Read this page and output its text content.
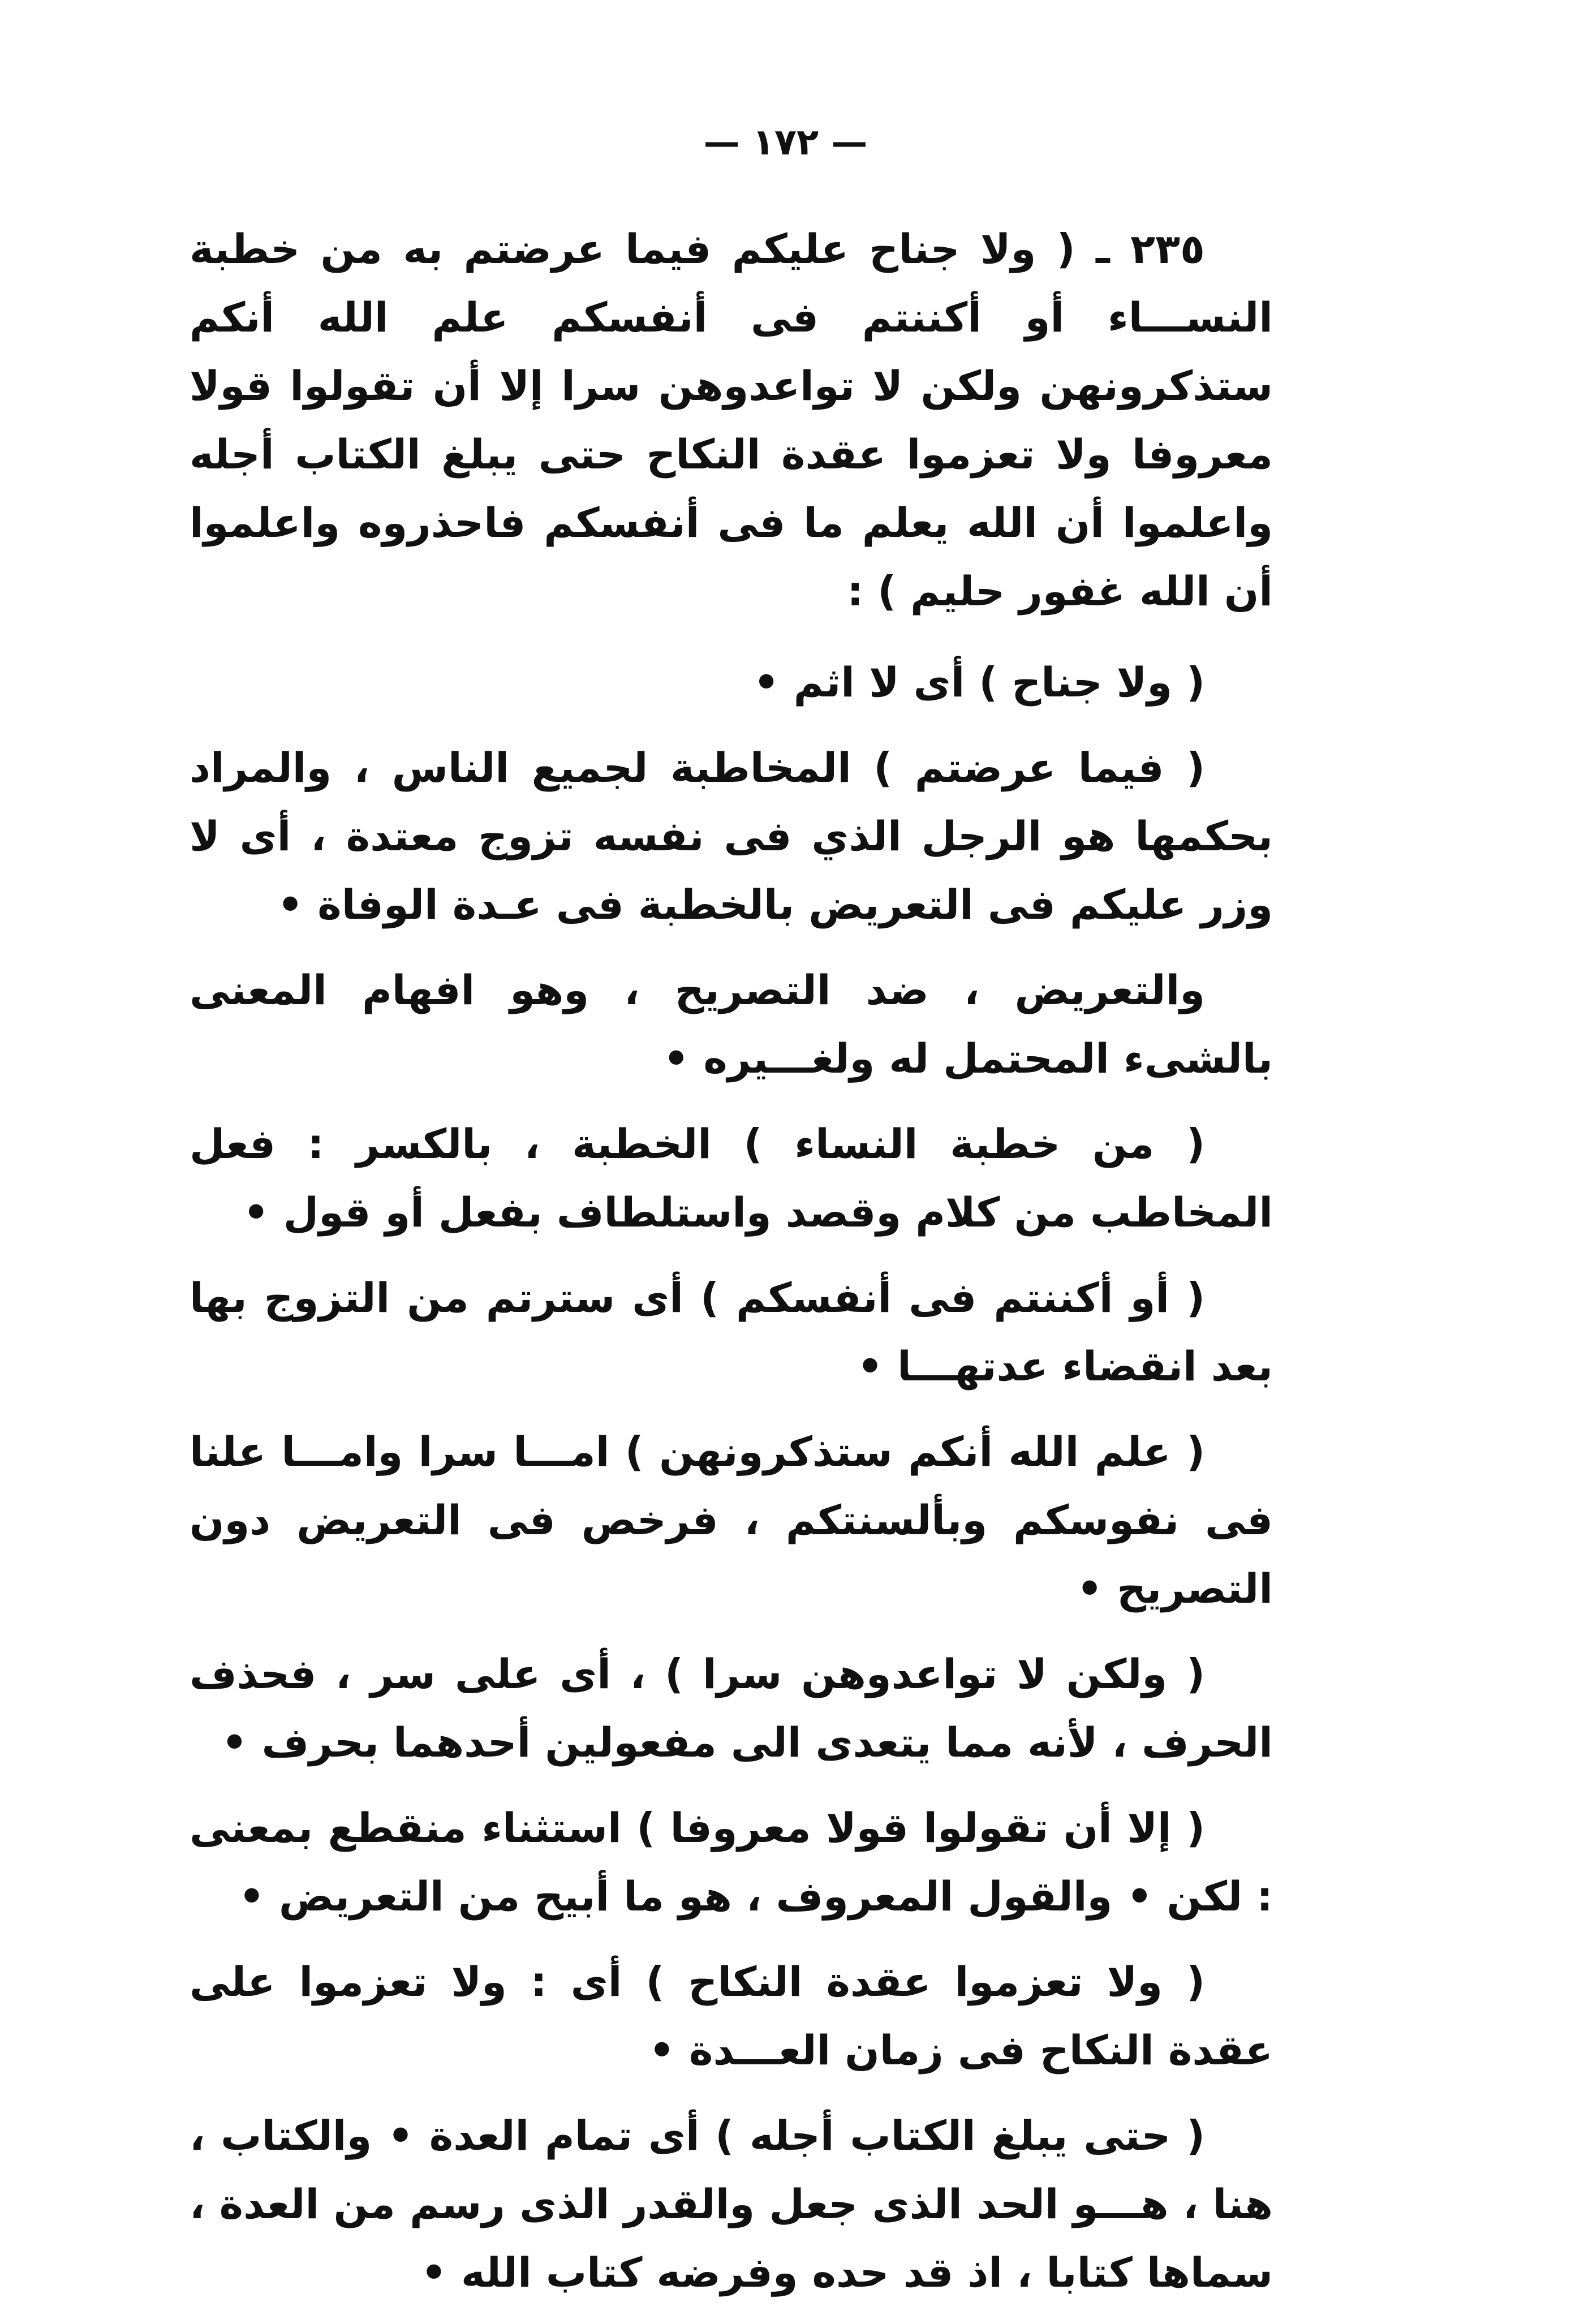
— ١٧٢ —

٢٣٥ ـ ( ولا جناح عليكم فيما عرضتم به من خطبة النســـاء أو أكننتم فى أنفسكم علم الله أنكم ستذكرونهن ولكن لا تواعدوهن سرا إلا أن تقولوا قولا معروفا ولا تعزموا عقدة النكاح حتى يبلغ الكتاب أجله واعلموا أن الله يعلم ما فى أنفسكم فاحذروه واعلموا أن الله غفور حليم ) :

( ولا جناح ) أى لا اثم •

( فيما عرضتم ) المخاطبة لجميع الناس ، والمراد بحكمها هو الرجل الذي فى نفسه تزوج معتدة ، أى لا وزر عليكم فى التعريض بالخطبة فى عـدة الوفاة •

والتعريض ، ضد التصريح ، وهو افهام المعنى بالشىء المحتمل له ولغـــيره •

( من خطبة النساء ) الخطبة ، بالكسر : فعل المخاطب من كلام وقصد واستلطاف بفعل أو قول •

( أو أكننتم فى أنفسكم ) أى سترتم من التزوج بها بعد انقضاء عدتهـــا •

( علم الله أنكم ستذكرونهن ) امـــا سرا وامـــا علنا فى نفوسكم وبألسنتكم ، فرخص فى التعريض دون التصريح •

( ولكن لا تواعدوهن سرا ) ، أى على سر ، فحذف الحرف ، لأنه مما يتعدى الى مفعولين أحدهما بحرف •

( إلا أن تقولوا قولا معروفا ) استثناء منقطع بمعنى : لكن • والقول المعروف ، هو ما أبيح من التعريض •

( ولا تعزموا عقدة النكاح ) أى : ولا تعزموا على عقدة النكاح فى زمان العـــدة •

( حتى يبلغ الكتاب أجله ) أى تمام العدة • والكتاب ، هنا ، هـــو الحد الذى جعل والقدر الذى رسم من العدة ، سماها كتابا ، اذ قد حده وفرضه كتاب الله •
